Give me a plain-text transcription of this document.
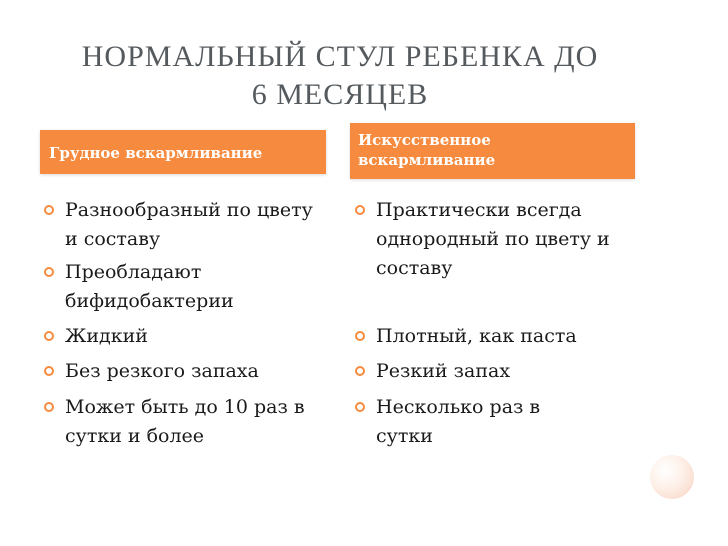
НОРМАЛЬНЫЙ СТУЛ РЕБЕНКА ДО
6 МЕСЯЦЕВ
Грудное вскармливание
Искусственное вскармливание
Разнообразный по цвету и составу
Преобладают бифидобактерии
Жидкий
Без резкого запаха
Может быть до 10 раз в сутки и более
Практически всегда однородный по цвету и составу
Плотный, как паста
Резкий запах
Несколько раз в сутки
